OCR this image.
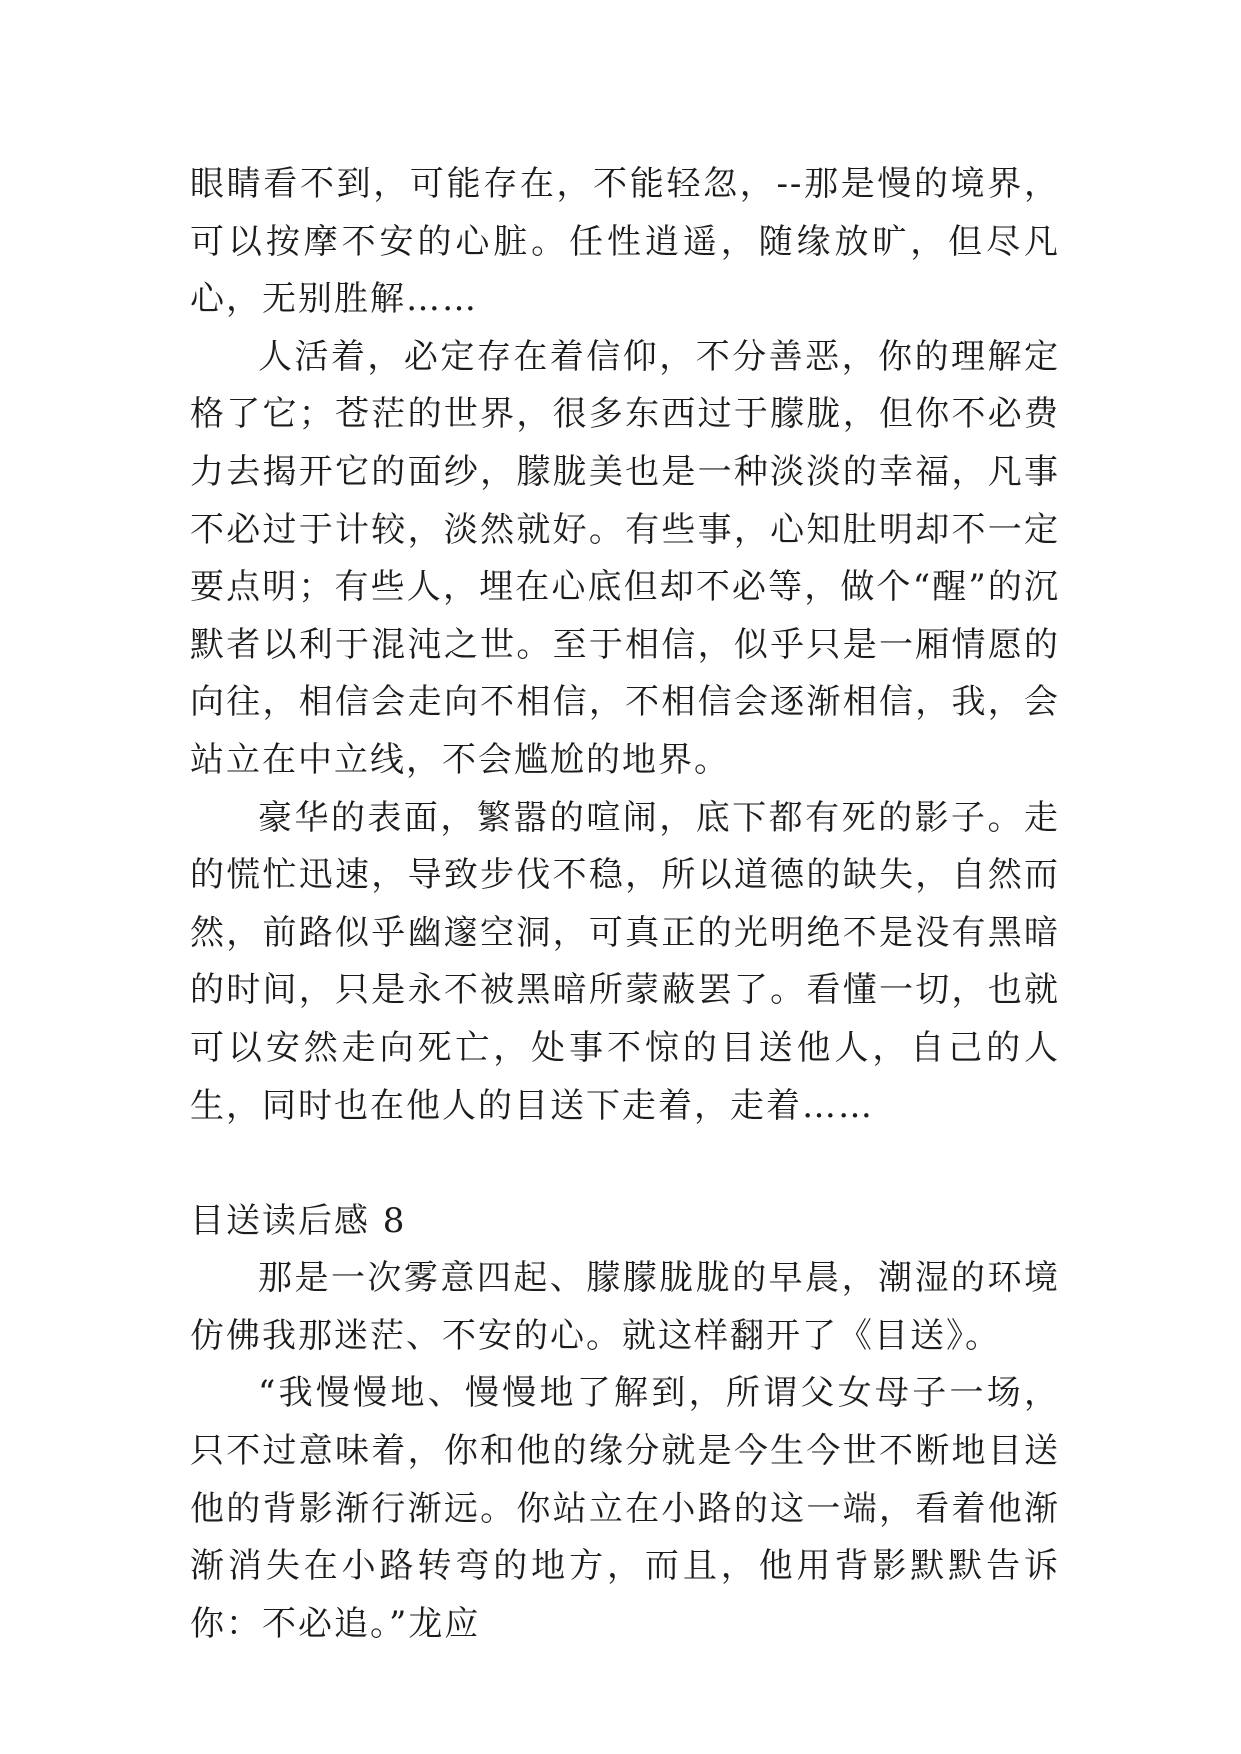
眼睛看不到，可能存在，不能轻忽，--那是慢的境界，可以按摩不安的心脏。任性逍遥，随缘放旷，但尽凡心，无别胜解……

人活着，必定存在着信仰，不分善恶，你的理解定格了它；苍茫的世界，很多东西过于朦胧，但你不必费力去揭开它的面纱，朦胧美也是一种淡淡的幸福，凡事不必过于计较，淡然就好。有些事，心知肚明却不一定要点明；有些人，埋在心底但却不必等，做个“醒”的沉默者以利于混沌之世。至于相信，似乎只是一厢情愿的向往，相信会走向不相信，不相信会逐渐相信，我，会站立在中立线，不会尴尬的地界。

豪华的表面，繁嚣的喧闹，底下都有死的影子。走的慌忙迅速，导致步伐不稳，所以道德的缺失，自然而然，前路似乎幽邃空洞，可真正的光明绝不是没有黑暗的时间，只是永不被黑暗所蒙蔽罢了。看懂一切，也就可以安然走向死亡，处事不惊的目送他人，自己的人生，同时也在他人的目送下走着，走着……

目送读后感 8

那是一次雾意四起、朦朦胧胧的早晨，潮湿的环境仿佛我那迷茫、不安的心。就这样翻开了《目送》。

“我慢慢地、慢慢地了解到，所谓父女母子一场，只不过意味着，你和他的缘分就是今生今世不断地目送他的背影渐行渐远。你站立在小路的这一端，看着他渐渐消失在小路转弯的地方，而且，他用背影默默告诉你：不必追。”龙应
